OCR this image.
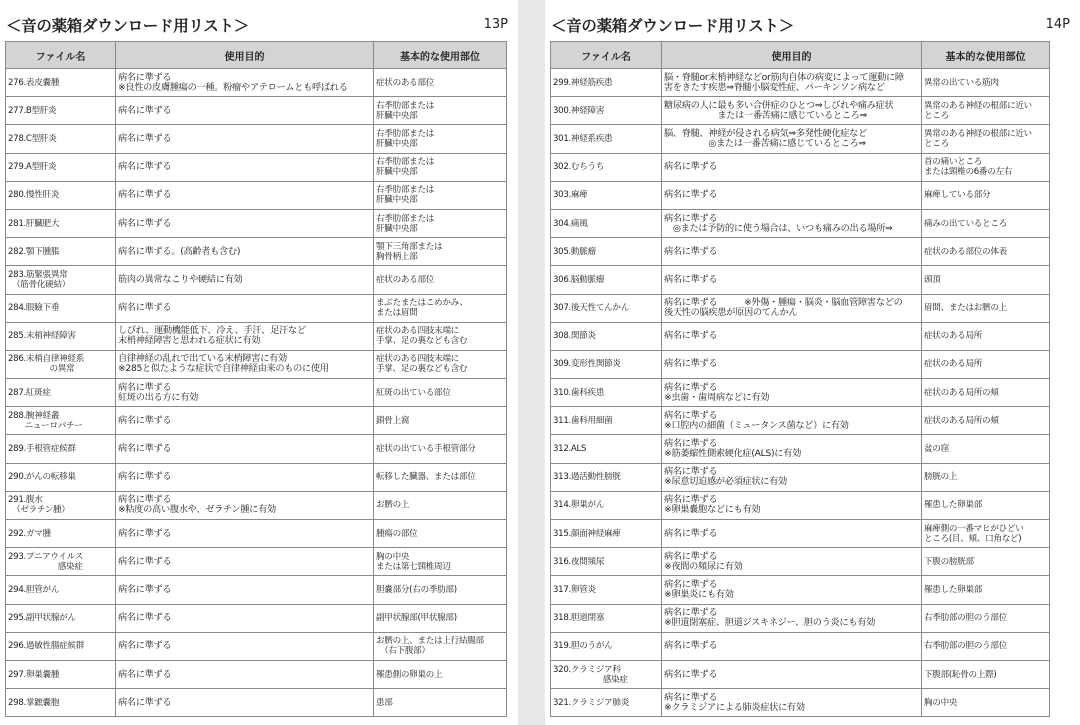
＜音の薬箱ダウンロード用リスト＞	13P
ファイル名	使用目的	基本的な使用部位
276.表皮嚢腫	病名に準ずる
※良性の皮膚腫瘍の一種。粉瘤やアテロームとも呼ばれる	症状のある部位
277.B型肝炎	病名に準ずる	右季肋部または
肝臓中央部
278.C型肝炎	病名に準ずる	右季肋部または
肝臓中央部
279.A型肝炎	病名に準ずる	右季肋部または
肝臓中央部
280.慢性肝炎	病名に準ずる	右季肋部または
肝臓中央部
281.肝臓肥大	病名に準ずる	右季肋部または
肝臓中央部
282.顎下腫脹	病名に準ずる。(高齢者も含む)	顎下三角部または
胸骨柄上部
283.筋緊張異常
　（筋骨化硬結）	筋肉の異常なこりや硬結に有効	症状のある部位
284.眼瞼下垂	病名に準ずる	まぶたまたはこめかみ、
または眉間
285.末梢神経障害	しびれ、運動機能低下、冷え、手汗、足汗など
末梢神経障害と思われる症状に有効	症状のある四肢末端に
手掌、足の裏なども含む
286.末梢自律神経系
　　　　　の異常	自律神経の乱れで出ている末梢障害に有効
※285と似たような症状で自律神経由来のものに使用	症状のある四肢末端に
手掌、足の裏なども含む
287.紅斑症	病名に準ずる
紅斑の出る方に有効	紅斑の出ている部位
288.腕神経叢
　　ニューロパチー	病名に準ずる	鎖骨上窩
289.手根管症候群	病名に準ずる	症状の出ている手根管部分
290.がんの転移巣	病名に準ずる	転移した臓器、または部位
291.腹水
　（ゼラチン腫）	病名に準ずる
※粘度の高い腹水や、ゼラチン腫に有効	お臍の上
292.ガマ腫	病名に準ずる	腫瘍の部位
293.プニアウイルス
　　　　　　感染症	病名に準ずる	胸の中央
または第七頸椎周辺
294.胆管がん	病名に準ずる	胆嚢部分(右の季肋部)
295.副甲状腺がん	病名に準ずる	副甲状腺部(甲状腺部)
296.過敏性腸症候群	病名に準ずる	お臍の上、または上行結腸部
　（右下腹部）
297.卵巣嚢腫	病名に準ずる	罹患側の卵巣の上
298.掌蹠嚢胞	病名に準ずる	患部
＜音の薬箱ダウンロード用リスト＞	14P
ファイル名	使用目的	基本的な使用部位
299.神経筋疾患	脳・脊髄or末梢神経などor筋肉自体の病変によって運動に障
害をきたす疾患⇒脊髄小脳変性症、パーキンソン病など	異常の出ている筋肉
300.神経障害	糖尿病の人に最も多い合併症のひとつ⇒しびれや痛み症状
　　　　　　または一番苦痛に感じているところ⇒	異常のある神経の根部に近い
ところ
301.神経系疾患	脳、脊髄、神経が侵される病気⇒多発性硬化症など
　　　　　◎または一番苦痛に感じているところ⇒	異常のある神経の根部に近い
ところ
302.むちうち	病名に準ずる	首の痛いところ
または頸椎の6番の左右
303.麻痺	病名に準ずる	麻痺している部分
304.痛風	病名に準ずる
　◎または予防的に使う場合は、いつも痛みの出る場所⇒	痛みの出ているところ
305.動脈瘤	病名に準ずる	症状のある部位の体表
306.脳動脈瘤	病名に準ずる	頭頂
307.後天性てんかん	病名に準ずる　　　※外傷・腫瘍・脳炎・脳血管障害などの
後天性の脳疾患が原因のてんかん	眉間、またはお臍の上
308.関節炎	病名に準ずる	症状のある局所
309.変形性関節炎	病名に準ずる	症状のある局所
310.歯科疾患	病名に準ずる
※虫歯・歯周病などに有効	症状のある局所の頬
311.歯科用細菌	病名に準ずる
※口腔内の細菌（ミュータンス菌など）に有効	症状のある局所の頬
312.ALS	病名に準ずる
※筋萎縮性側索硬化症(ALS)に有効	盆の窪
313.過活動性膀胱	病名に準ずる
※尿意切迫感が必須症状に有効	膀胱の上
314.卵巣がん	病名に準ずる
※卵巣嚢胞などにも有効	罹患した卵巣部
315.顔面神経麻痺	病名に準ずる	麻痺側の一番マヒがひどい
ところ(目、頬、口角など)
316.夜間頻尿	病名に準ずる
※夜間の頻尿に有効	下腹の膀胱部
317.卵管炎	病名に準ずる
※卵巣炎にも有効	罹患した卵巣部
318.胆道閉塞	病名に準ずる
※胆道閉塞症、胆道ジスキネジー、胆のう炎にも有効	右季肋部の胆のう部位
319.胆のうがん	病名に準ずる	右季肋部の胆のう部位
320.クラミジア科
　　　　　　感染症	病名に準ずる	下腹部(恥骨の上際)
321.クラミジア肺炎	病名に準ずる
※クラミジアによる肺炎症状に有効	胸の中央
